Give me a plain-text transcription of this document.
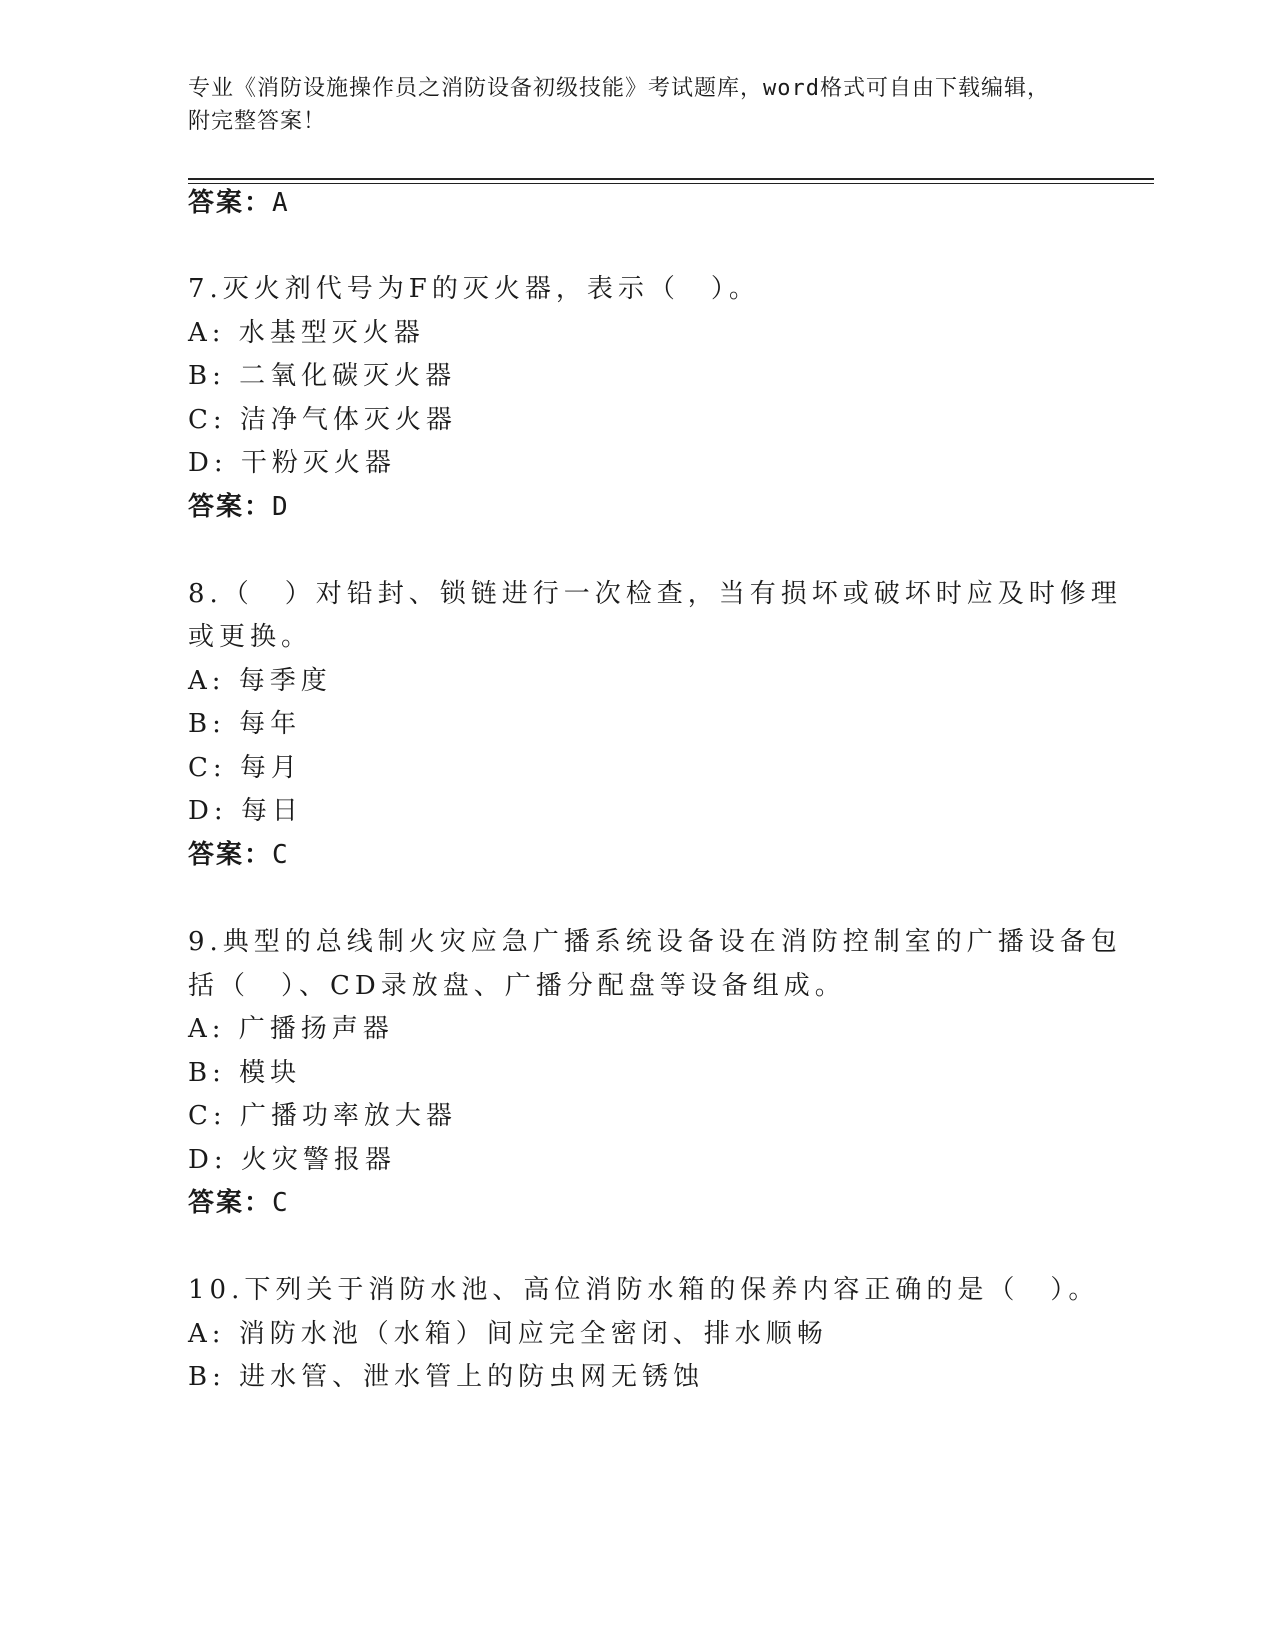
专业《消防设施操作员之消防设备初级技能》考试题库，word格式可自由下载编辑，附完整答案！
答案：A
7.灭火剂代号为F的灭火器，表示（　）。
A: 水基型灭火器
B: 二氧化碳灭火器
C: 洁净气体灭火器
D: 干粉灭火器
答案：D
8.（　）对铅封、锁链进行一次检查，当有损坏或破坏时应及时修理
或更换。
A: 每季度
B: 每年
C: 每月
D: 每日
答案：C
9.典型的总线制火灾应急广播系统设备设在消防控制室的广播设备包
括（　）、CD录放盘、广播分配盘等设备组成。
A: 广播扬声器
B: 模块
C: 广播功率放大器
D: 火灾警报器
答案：C
10.下列关于消防水池、高位消防水箱的保养内容正确的是（　）。
A: 消防水池（水箱）间应完全密闭、排水顺畅
B: 进水管、泄水管上的防虫网无锈蚀
